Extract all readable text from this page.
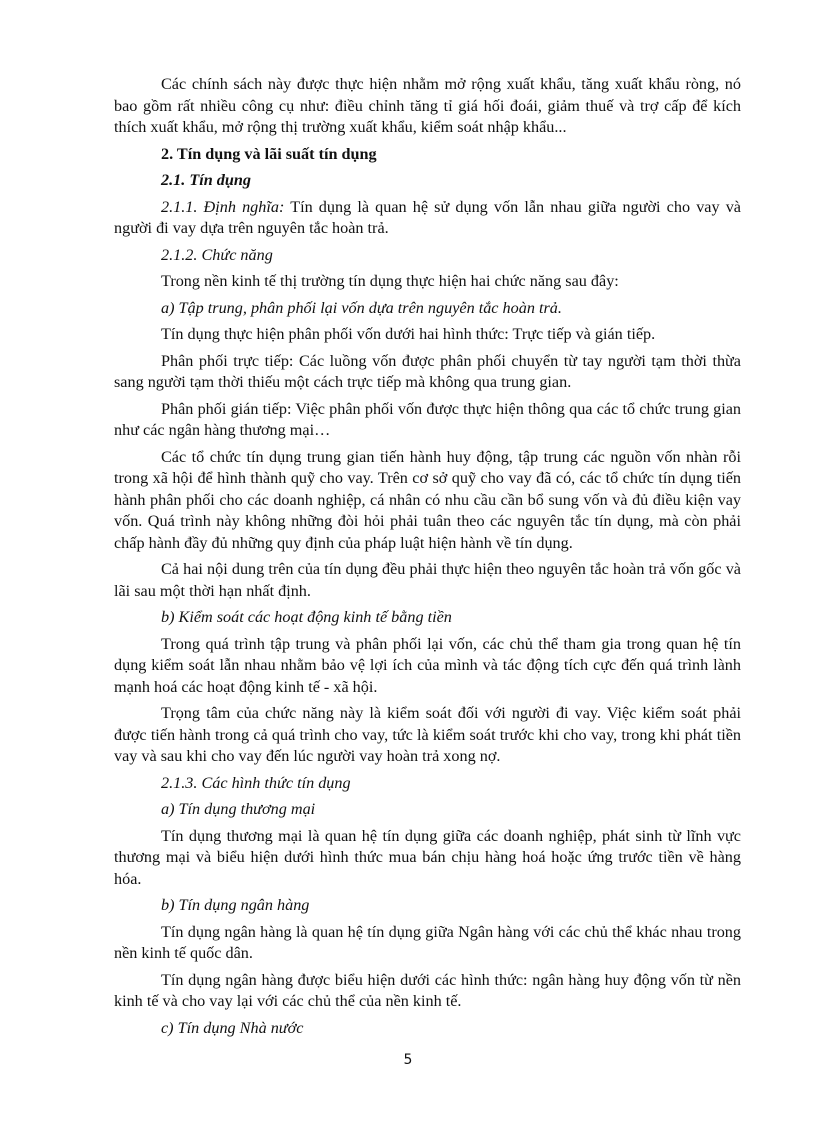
Các chính sách này được thực hiện nhằm mở rộng xuất khẩu, tăng xuất khẩu ròng, nó bao gồm rất nhiều công cụ như: điều chỉnh tăng tỉ giá hối đoái, giảm thuế và trợ cấp để kích thích xuất khẩu, mở rộng thị trường xuất khẩu, kiểm soát nhập khẩu...

2. Tín dụng và lãi suất tín dụng

2.1. Tín dụng

2.1.1. Định nghĩa: Tín dụng là quan hệ sử dụng vốn lẫn nhau giữa người cho vay và người đi vay dựa trên nguyên tắc hoàn trả.

2.1.2. Chức năng

Trong nền kinh tế thị trường tín dụng thực hiện hai chức năng sau đây:

a) Tập trung, phân phối lại vốn dựa trên nguyên tắc hoàn trả.

Tín dụng thực hiện phân phối vốn dưới hai hình thức: Trực tiếp và gián tiếp.

Phân phối trực tiếp: Các luồng vốn được phân phối chuyển từ tay người tạm thời thừa sang người tạm thời thiếu một cách trực tiếp mà không qua trung gian.

Phân phối gián tiếp: Việc phân phối vốn được thực hiện thông qua các tổ chức trung gian như các ngân hàng thương mại…

Các tổ chức tín dụng trung gian tiến hành huy động, tập trung các nguồn vốn nhàn rỗi trong xã hội để hình thành quỹ cho vay. Trên cơ sở quỹ cho vay đã có, các tổ chức tín dụng tiến hành phân phối cho các doanh nghiệp, cá nhân có nhu cầu cần bổ sung vốn và đủ điều kiện vay vốn. Quá trình này không những đòi hỏi phải tuân theo các nguyên tắc tín dụng, mà còn phải chấp hành đầy đủ những quy định của pháp luật hiện hành về tín dụng.

Cả hai nội dung trên của tín dụng đều phải thực hiện theo nguyên tắc hoàn trả vốn gốc và lãi sau một thời hạn nhất định.

b) Kiểm soát các hoạt động kinh tế bằng tiền

Trong quá trình tập trung và phân phối lại vốn, các chủ thể tham gia trong quan hệ tín dụng kiểm soát lẫn nhau nhằm bảo vệ lợi ích của mình và tác động tích cực đến quá trình lành mạnh hoá các hoạt động kinh tế - xã hội.

Trọng tâm của chức năng này là kiểm soát đối với người đi vay. Việc kiểm soát phải được tiến hành trong cả quá trình cho vay, tức là kiểm soát trước khi cho vay, trong khi phát tiền vay và sau khi cho vay đến lúc người vay hoàn trả xong nợ.

2.1.3. Các hình thức tín dụng

a) Tín dụng thương mại

Tín dụng thương mại là quan hệ tín dụng giữa các doanh nghiệp, phát sinh từ lĩnh vực thương mại và biểu hiện dưới hình thức mua bán chịu hàng hoá hoặc ứng trước tiền về hàng hóa.

b) Tín dụng ngân hàng

Tín dụng ngân hàng là quan hệ tín dụng giữa Ngân hàng với các chủ thể khác nhau trong nền kinh tế quốc dân.

Tín dụng ngân hàng được biểu hiện dưới các hình thức: ngân hàng huy động vốn từ nền kinh tế và cho vay lại với các chủ thể của nền kinh tế.

c) Tín dụng Nhà nước

5
